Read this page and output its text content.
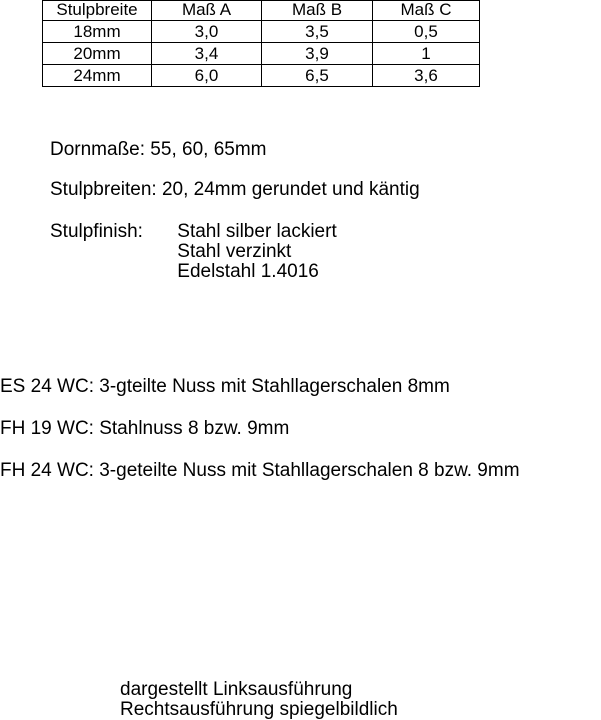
Stulpbreite	Maß A	Maß B	Maß C
18mm	3,0	3,5	0,5
20mm	3,4	3,9	1
24mm	6,0	6,5	3,6
Dornmaße: 55, 60, 65mm
Stulpbreiten: 20, 24mm gerundet und käntig
Stulpfinish: Stahl silber lackiert
Stahl verzinkt
Edelstahl 1.4016
ES 24 WC: 3-gteilte Nuss mit Stahllagerschalen 8mm
FH 19 WC: Stahlnuss 8 bzw. 9mm
FH 24 WC: 3-geteilte Nuss mit Stahllagerschalen 8 bzw. 9mm
dargestellt Linksausführung
Rechtsausführung spiegelbildlich
